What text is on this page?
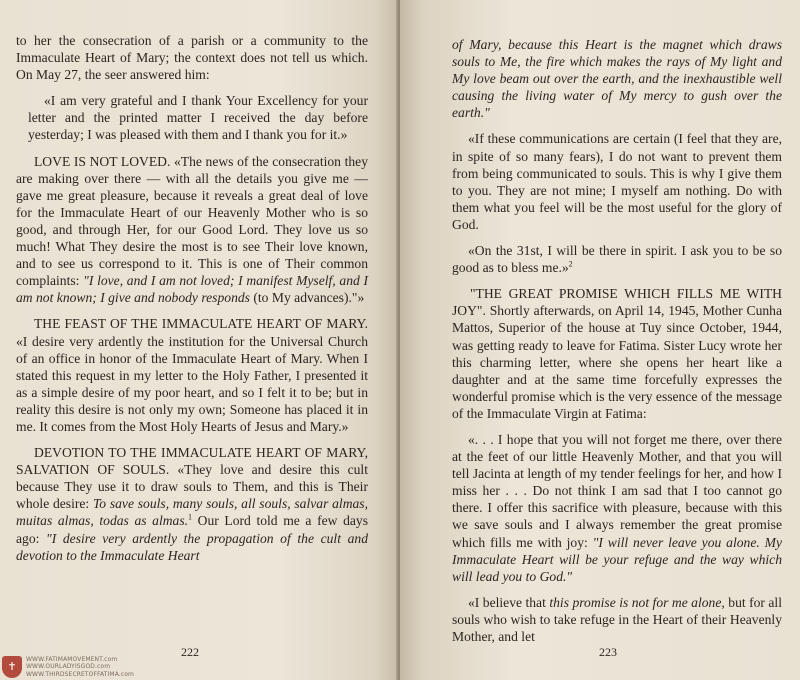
to her the consecration of a parish or a community to the Immaculate Heart of Mary; the context does not tell us which. On May 27, the seer answered him:

«I am very grateful and I thank Your Excellency for your letter and the printed matter I received the day before yesterday; I was pleased with them and I thank you for it.»

LOVE IS NOT LOVED. «The news of the consecration they are making over there — with all the details you give me — gave me great pleasure, because it reveals a great deal of love for the Immaculate Heart of our Heavenly Mother who is so good, and through Her, for our Good Lord. They love us so much! What They desire the most is to see Their love known, and to see us correspond to it. This is one of Their common complaints: "I love, and I am not loved; I manifest Myself, and I am not known; I give and nobody responds (to My advances)."»

THE FEAST OF THE IMMACULATE HEART OF MARY. «I desire very ardently the institution for the Universal Church of an office in honor of the Immaculate Heart of Mary. When I stated this request in my letter to the Holy Father, I presented it as a simple desire of my poor heart, and so I felt it to be; but in reality this desire is not only my own; Someone has placed it in me. It comes from the Most Holy Hearts of Jesus and Mary.»

DEVOTION TO THE IMMACULATE HEART OF MARY, SALVATION OF SOULS. «They love and desire this cult because They use it to draw souls to Them, and this is Their whole desire: To save souls, many souls, all souls, salvar almas, muitas almas, todas as almas.$^1$ Our Lord told me a few days ago: "I desire very ardently the propagation of the cult and devotion to the Immaculate Heart

222
✝
WWW.FATIMAMOVEMENT.com
WWW.OURLADYISGOD.com
WWW.THIRDSECRETOFFATIMA.com

of Mary, because this Heart is the magnet which draws souls to Me, the fire which makes the rays of My light and My love beam out over the earth, and the inexhaustible well causing the living water of My mercy to gush over the earth."

«If these communications are certain (I feel that they are, in spite of so many fears), I do not want to prevent them from being communicated to souls. This is why I give them to you. They are not mine; I myself am nothing. Do with them what you feel will be the most useful for the glory of God.

«On the 31st, I will be there in spirit. I ask you to be so good as to bless me.»$^2$

"THE GREAT PROMISE WHICH FILLS ME WITH JOY". Shortly afterwards, on April 14, 1945, Mother Cunha Mattos, Superior of the house at Tuy since October, 1944, was getting ready to leave for Fatima. Sister Lucy wrote her this charming letter, where she opens her heart like a daughter and at the same time forcefully expresses the wonderful promise which is the very essence of the message of the Immaculate Virgin at Fatima:

«. . . I hope that you will not forget me there, over there at the feet of our little Heavenly Mother, and that you will tell Jacinta at length of my tender feelings for her, and how I miss her . . . Do not think I am sad that I too cannot go there. I offer this sacrifice with pleasure, because with this we save souls and I always remember the great promise which fills me with joy: "I will never leave you alone. My Immaculate Heart will be your refuge and the way which will lead you to God."

«I believe that this promise is not for me alone, but for all souls who wish to take refuge in the Heart of their Heavenly Mother, and let

223
